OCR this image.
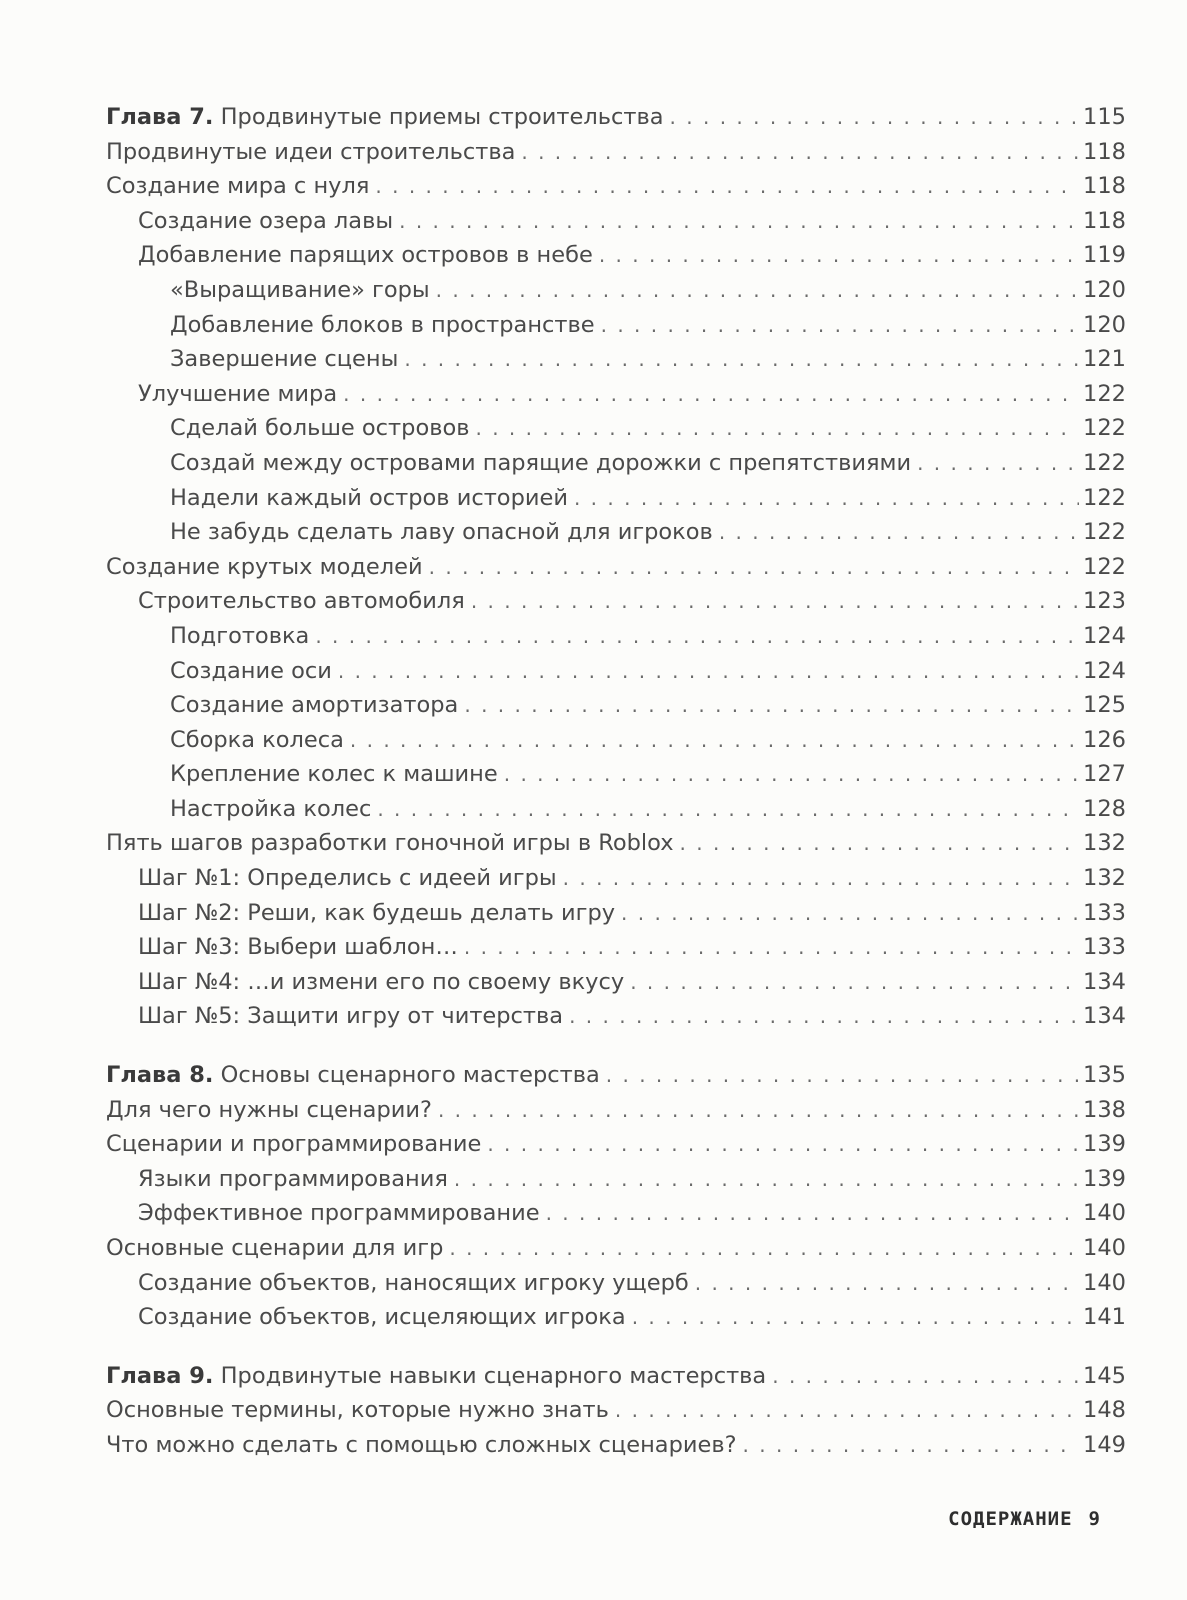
Глава 7. Продвинутые приемы строительства . . .	115
Продвинутые идеи строительства . . .	118
Создание мира с нуля . . .	118
Создание озера лавы . . .	118
Добавление парящих островов в небе . . .	119
«Выращивание» горы . . .	120
Добавление блоков в пространстве . . .	120
Завершение сцены . . .	121
Улучшение мира . . .	122
Сделай больше островов . . .	122
Создай между островами парящие дорожки с препятствиями . . .	122
Надели каждый остров историей . . .	122
Не забудь сделать лаву опасной для игроков . . .	122
Создание крутых моделей . . .	122
Строительство автомобиля . . .	123
Подготовка . . .	124
Создание оси . . .	124
Создание амортизатора . . .	125
Сборка колеса . . .	126
Крепление колес к машине . . .	127
Настройка колес . . .	128
Пять шагов разработки гоночной игры в Roblox . . .	132
Шаг №1: Определись с идеей игры . . .	132
Шаг №2: Реши, как будешь делать игру . . .	133
Шаг №3: Выбери шаблон… . . .	133
Шаг №4: …и измени его по своему вкусу . . .	134
Шаг №5: Защити игру от читерства . . .	134
Глава 8. Основы сценарного мастерства . . .	135
Для чего нужны сценарии? . . .	138
Сценарии и программирование . . .	139
Языки программирования . . .	139
Эффективное программирование . . .	140
Основные сценарии для игр . . .	140
Создание объектов, наносящих игроку ущерб . . .	140
Создание объектов, исцеляющих игрока . . .	141
Глава 9. Продвинутые навыки сценарного мастерства . . .	145
Основные термины, которые нужно знать . . .	148
Что можно сделать с помощью сложных сценариев? . . .	149
СОДЕРЖАНИЕ 9
